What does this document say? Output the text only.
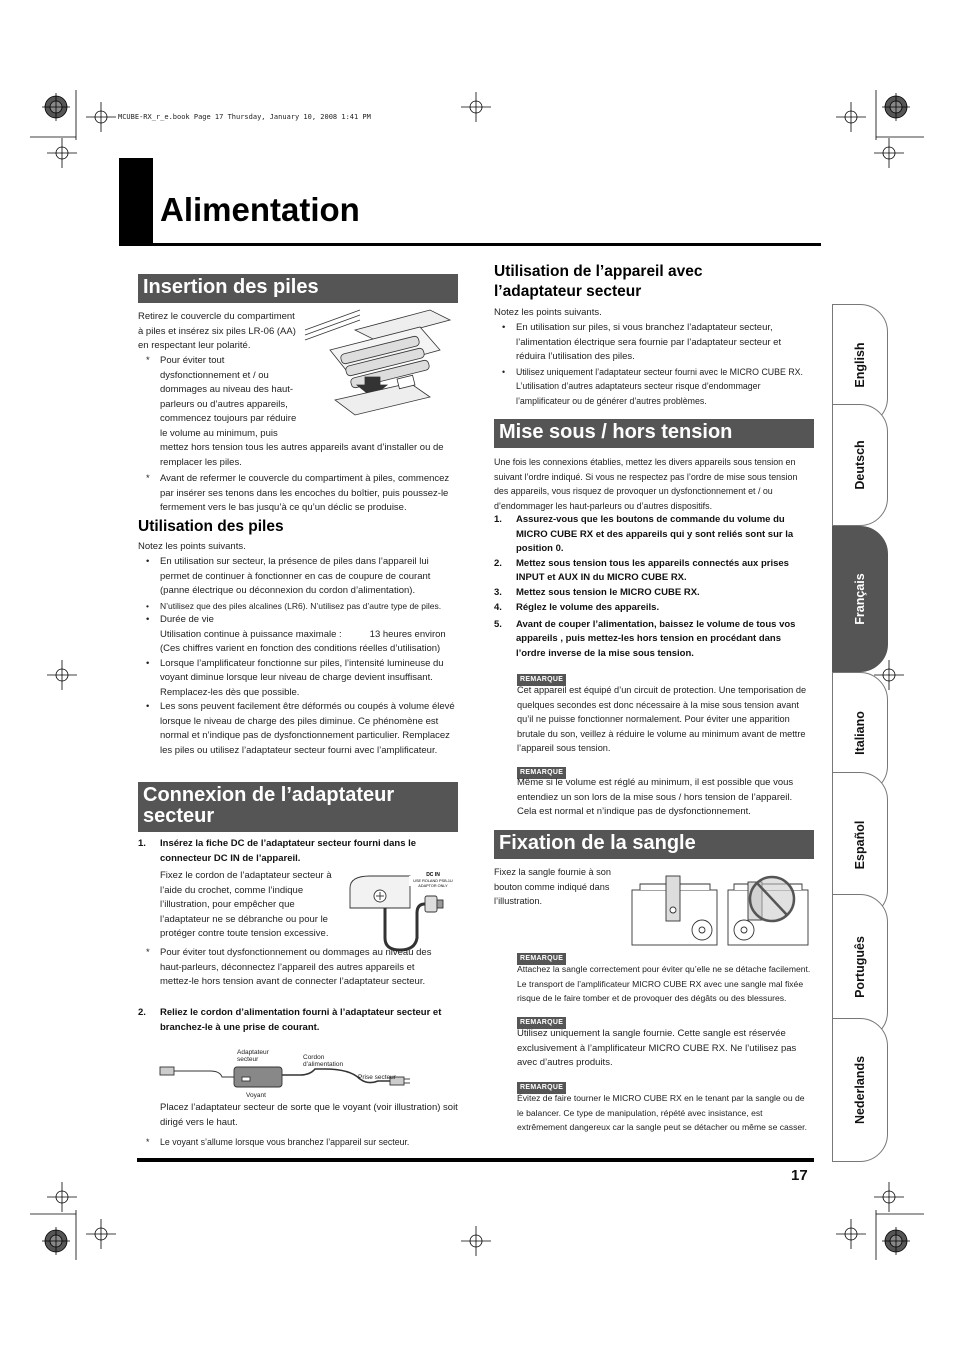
MCUBE-RX_r_e.book Page 17 Thursday, January 10, 2008 1:41 PM
Alimentation
Insertion des piles
Retirez le couvercle du compartiment à piles et insérez six piles LR-06 (AA) en respectant leur polarité.
* Pour éviter tout dysfonctionnement et / ou dommages au niveau des haut-parleurs ou d’autres appareils, commencez toujours par réduire le volume au minimum, puis
mettez hors tension tous les autres appareils avant d’installer ou de remplacer les piles.
* Avant de refermer le couvercle du compartiment à piles, commencez par insérer ses tenons dans les encoches du boîtier, puis poussez-le fermement vers le bas jusqu’à ce qu’un déclic se produise.
Utilisation des piles
Notez les points suivants.
• En utilisation sur secteur, la présence de piles dans l’appareil lui permet de continuer à fonctionner en cas de coupure de courant (panne électrique ou déconnexion du cordon d’alimentation).
• N’utilisez que des piles alcalines (LR6). N’utilisez pas d’autre type de piles.
• Durée de vie
Utilisation continue à puissance maximale :	13 heures environ
(Ces chiffres varient en fonction des conditions réelles d’utilisation)
• Lorsque l’amplificateur fonctionne sur piles, l’intensité lumineuse du voyant diminue lorsque leur niveau de charge devient insuffisant. Remplacez-les dès que possible.
• Les sons peuvent facilement être déformés ou coupés à volume élevé lorsque le niveau de charge des piles diminue. Ce phénomène est normal et n’indique pas de dysfonctionnement particulier. Remplacez les piles ou utilisez l’adaptateur secteur fourni avec l’amplificateur.
Connexion de l’adaptateur
secteur
1. Insérez la fiche DC de l’adaptateur secteur fourni dans le connecteur DC IN de l’appareil.
Fixez le cordon de l’adaptateur secteur à l’aide du crochet, comme l’indique l’illustration, pour empêcher que l’adaptateur ne se débranche ou pour le protéger contre toute tension excessive.
DC IN
USE ROLAND PSB-1U
ADAPTOR ONLY
* Pour éviter tout dysfonctionnement ou dommages au niveau des haut-parleurs, déconnectez l’appareil des autres appareils et mettez-le hors tension avant de connecter l’adaptateur secteur.
2. Reliez le cordon d’alimentation fourni à l’adaptateur secteur et branchez-le à une prise de courant.
Adaptateur
secteur	Cordon
d’alimentation
Prise secteur
Voyant
Placez l’adaptateur secteur de sorte que le voyant (voir illustration) soit dirigé vers le haut.
* Le voyant s’allume lorsque vous branchez l’appareil sur secteur.
Utilisation de l’appareil avec
l’adaptateur secteur
Notez les points suivants.
• En utilisation sur piles, si vous branchez l’adaptateur secteur, l’alimentation électrique sera fournie par l’adaptateur secteur et réduira l’utilisation des piles.
• Utilisez uniquement l’adaptateur secteur fourni avec le MICRO CUBE RX. L’utilisation d’autres adaptateurs secteur risque d’endommager l’amplificateur ou de générer d’autres problèmes.
Mise sous / hors tension
Une fois les connexions établies, mettez les divers appareils sous tension en suivant l’ordre indiqué. Si vous ne respectez pas l’ordre de mise sous tension des appareils, vous risquez de provoquer un dysfonctionnement et / ou d’endommager les haut-parleurs ou d’autres dispositifs.
1. Assurez-vous que les boutons de commande du volume du MICRO CUBE RX et des appareils qui y sont reliés sont sur la position 0.
2. Mettez sous tension tous les appareils connectés aux prises INPUT et AUX IN du MICRO CUBE RX.
3. Mettez sous tension le MICRO CUBE RX.
4. Réglez le volume des appareils.
5. Avant de couper l’alimentation, baissez le volume de tous vos appareils , puis mettez-les hors tension en procédant dans l’ordre inverse de la mise sous tension.
REMARQUE
Cet appareil est équipé d’un circuit de protection. Une temporisation de quelques secondes est donc nécessaire à la mise sous tension avant qu’il ne puisse fonctionner normalement. Pour éviter une apparition brutale du son, veillez à réduire le volume au minimum avant de mettre l’appareil sous tension.
REMARQUE
Même si le volume est réglé au minimum, il est possible que vous entendiez un son lors de la mise sous / hors tension de l’appareil. Cela est normal et n’indique pas de dysfonctionnement.
Fixation de la sangle
Fixez la sangle fournie à son bouton comme indiqué dans l’illustration.
REMARQUE
Attachez la sangle correctement pour éviter qu’elle ne se détache facilement. Le transport de l’amplificateur MICRO CUBE RX avec une sangle mal fixée risque de le faire tomber et de provoquer des dégâts ou des blessures.
REMARQUE
Utilisez uniquement la sangle fournie. Cette sangle est réservée exclusivement à l’amplificateur MICRO CUBE RX. Ne l’utilisez pas avec d’autres produits.
REMARQUE
Évitez de faire tourner le MICRO CUBE RX en le tenant par la sangle ou de le balancer. Ce type de manipulation, répété avec insistance, est extrêmement dangereux car la sangle peut se détacher ou même se casser.
English
Deutsch
Français
Italiano
Español
Português
Nederlands
17
